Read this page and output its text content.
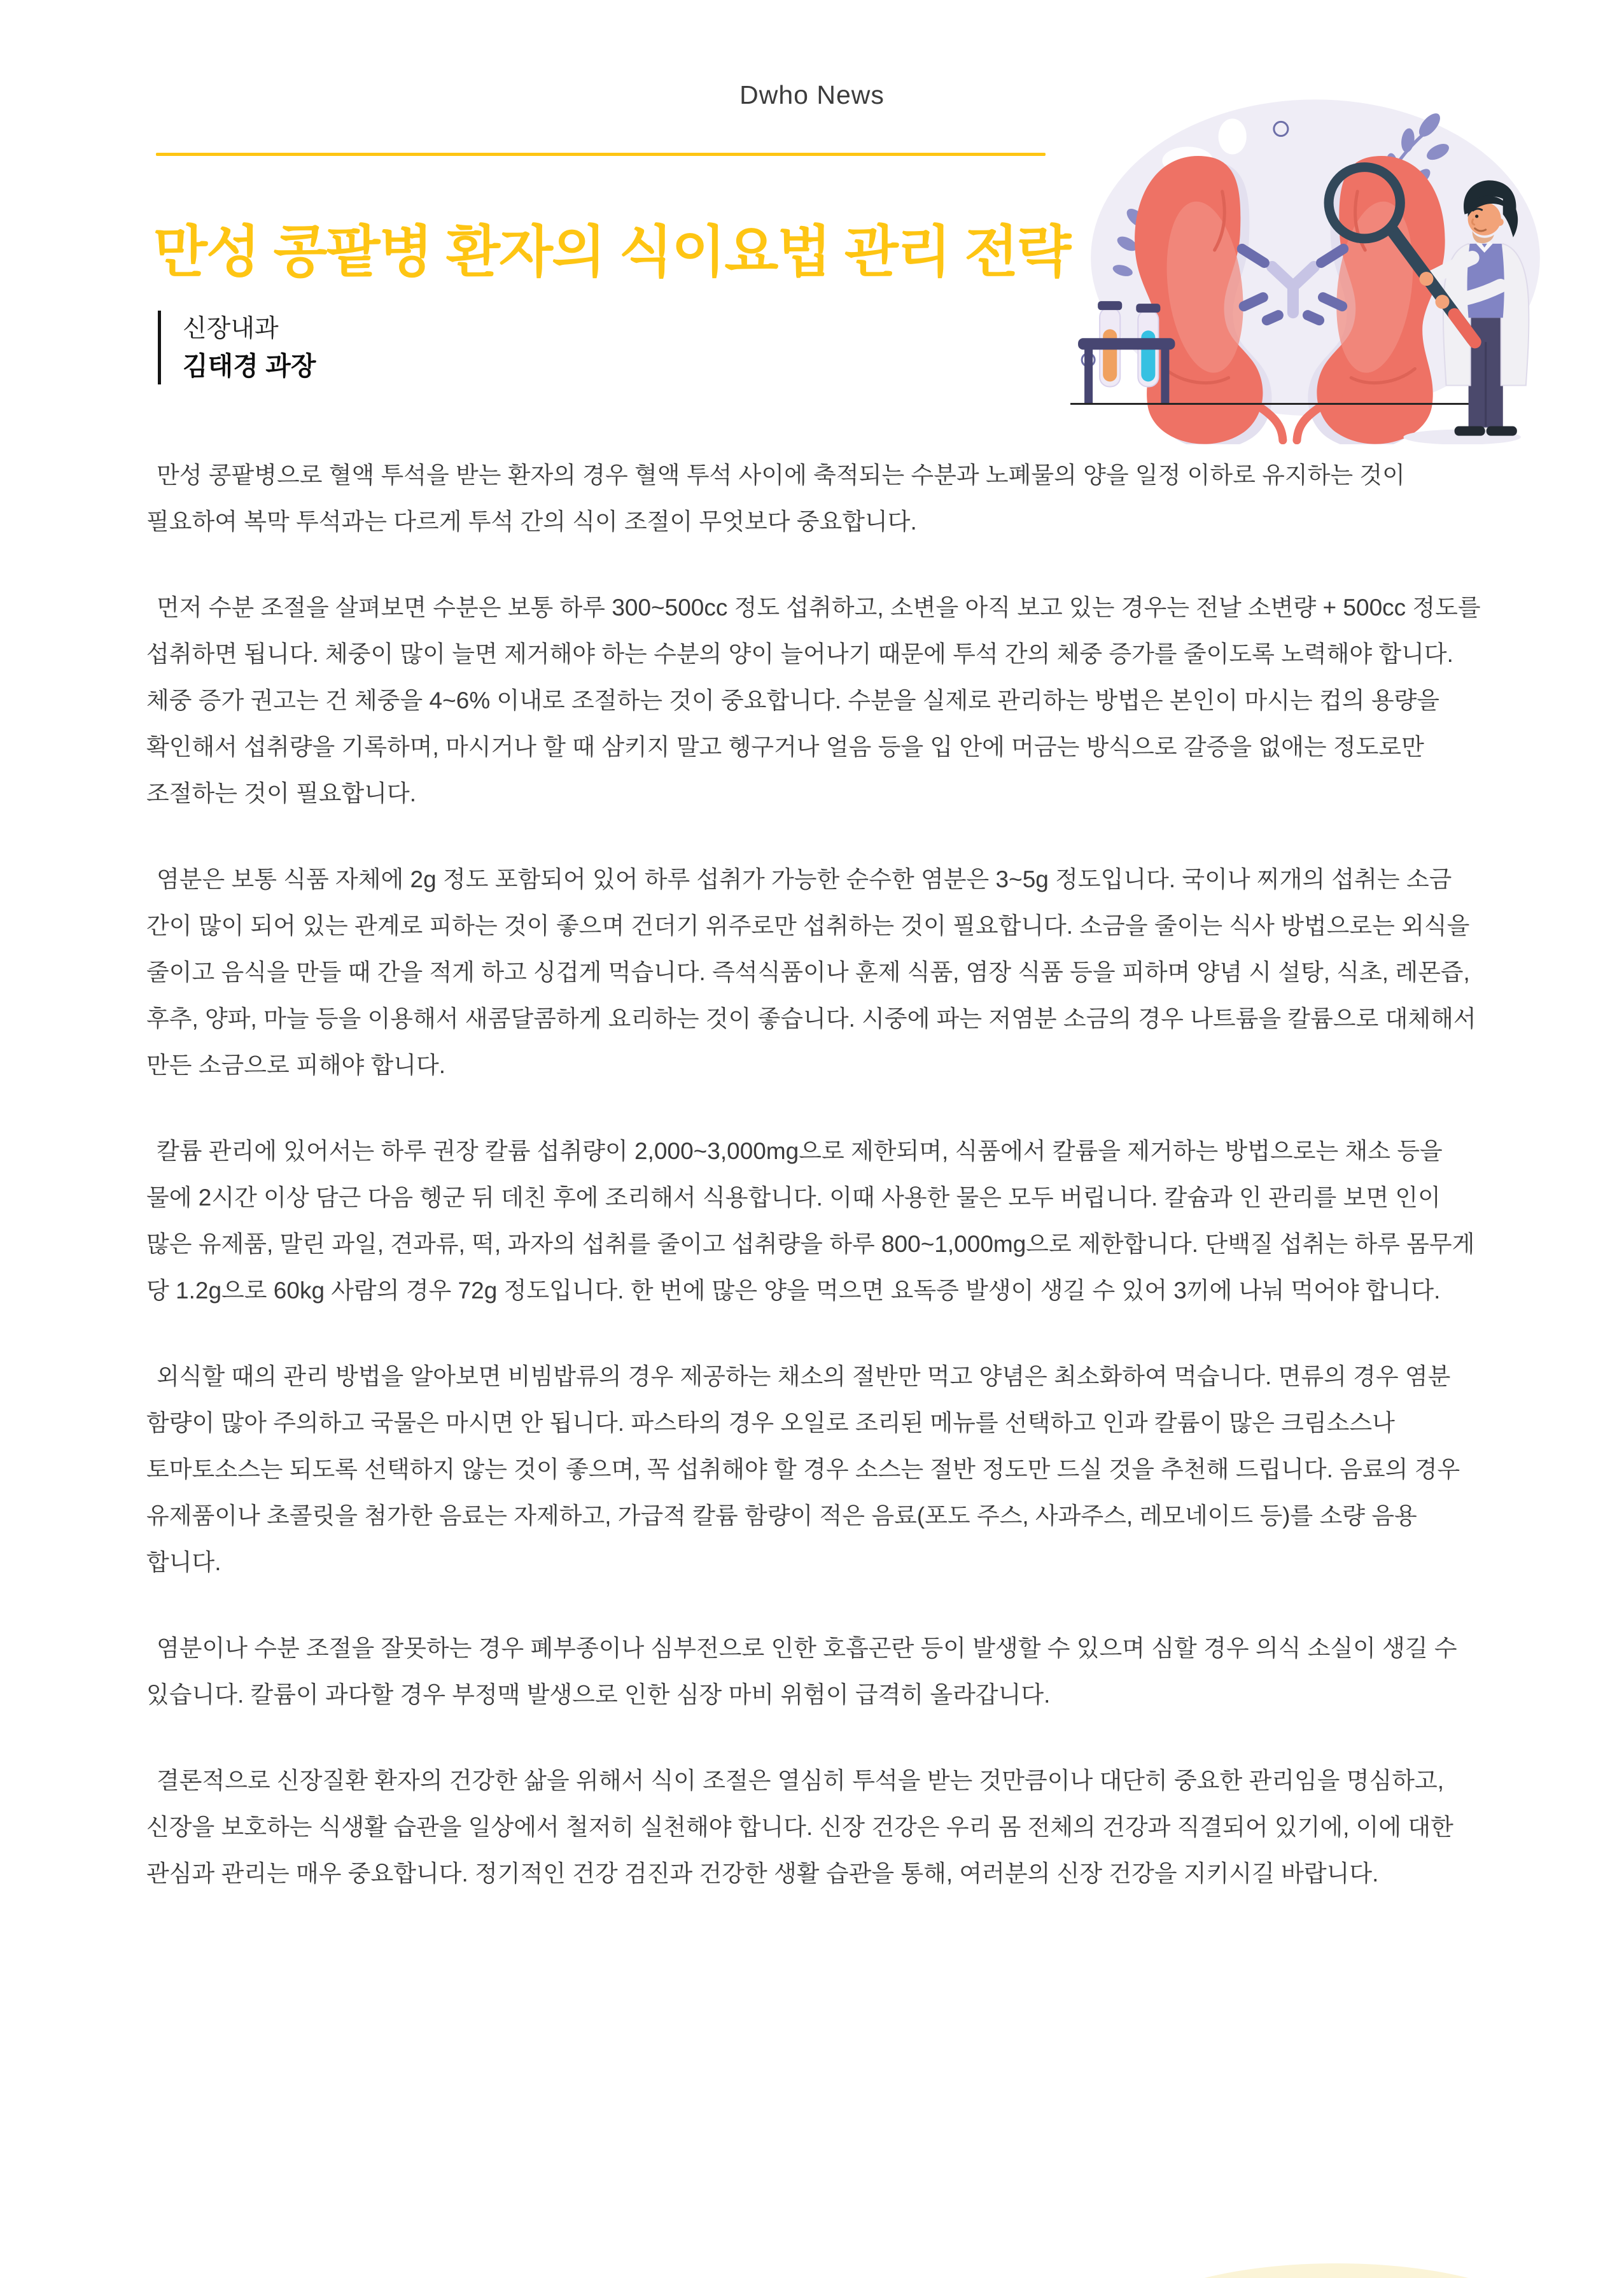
Dwho News
만성 콩팥병 환자의 식이요법 관리 전략
신장내과
김태경 과장

만성 콩팥병으로 혈액 투석을 받는 환자의 경우 혈액 투석 사이에 축적되는 수분과 노폐물의 양을 일정 이하로 유지하는 것이 필요하여 복막 투석과는 다르게 투석 간의 식이 조절이 무엇보다 중요합니다.

먼저 수분 조절을 살펴보면 수분은 보통 하루 300~500cc 정도 섭취하고, 소변을 아직 보고 있는 경우는 전날 소변량 + 500cc 정도를 섭취하면 됩니다. 체중이 많이 늘면 제거해야 하는 수분의 양이 늘어나기 때문에 투석 간의 체중 증가를 줄이도록 노력해야 합니다. 체중 증가 권고는 건 체중을 4~6% 이내로 조절하는 것이 중요합니다. 수분을 실제로 관리하는 방법은 본인이 마시는 컵의 용량을 확인해서 섭취량을 기록하며, 마시거나 할 때 삼키지 말고 헹구거나 얼음 등을 입 안에 머금는 방식으로 갈증을 없애는 정도로만 조절하는 것이 필요합니다.

염분은 보통 식품 자체에 2g 정도 포함되어 있어 하루 섭취가 가능한 순수한 염분은 3~5g 정도입니다. 국이나 찌개의 섭취는 소금 간이 많이 되어 있는 관계로 피하는 것이 좋으며 건더기 위주로만 섭취하는 것이 필요합니다. 소금을 줄이는 식사 방법으로는 외식을 줄이고 음식을 만들 때 간을 적게 하고 싱겁게 먹습니다. 즉석식품이나 훈제 식품, 염장 식품 등을 피하며 양념 시 설탕, 식초, 레몬즙, 후추, 양파, 마늘 등을 이용해서 새콤달콤하게 요리하는 것이 좋습니다. 시중에 파는 저염분 소금의 경우 나트륨을 칼륨으로 대체해서 만든 소금으로 피해야 합니다.

칼륨 관리에 있어서는 하루 권장 칼륨 섭취량이 2,000~3,000mg으로 제한되며, 식품에서 칼륨을 제거하는 방법으로는 채소 등을 물에 2시간 이상 담근 다음 헹군 뒤 데친 후에 조리해서 식용합니다. 이때 사용한 물은 모두 버립니다. 칼슘과 인 관리를 보면 인이 많은 유제품, 말린 과일, 견과류, 떡, 과자의 섭취를 줄이고 섭취량을 하루 800~1,000mg으로 제한합니다. 단백질 섭취는 하루 몸무게 당 1.2g으로 60kg 사람의 경우 72g 정도입니다. 한 번에 많은 양을 먹으면 요독증 발생이 생길 수 있어 3끼에 나눠 먹어야 합니다.

외식할 때의 관리 방법을 알아보면 비빔밥류의 경우 제공하는 채소의 절반만 먹고 양념은 최소화하여 먹습니다. 면류의 경우 염분 함량이 많아 주의하고 국물은 마시면 안 됩니다. 파스타의 경우 오일로 조리된 메뉴를 선택하고 인과 칼륨이 많은 크림소스나 토마토소스는 되도록 선택하지 않는 것이 좋으며, 꼭 섭취해야 할 경우 소스는 절반 정도만 드실 것을 추천해 드립니다. 음료의 경우 유제품이나 초콜릿을 첨가한 음료는 자제하고, 가급적 칼륨 함량이 적은 음료(포도 주스, 사과주스, 레모네이드 등)를 소량 음용 합니다.

염분이나 수분 조절을 잘못하는 경우 폐부종이나 심부전으로 인한 호흡곤란 등이 발생할 수 있으며 심할 경우 의식 소실이 생길 수 있습니다. 칼륨이 과다할 경우 부정맥 발생으로 인한 심장 마비 위험이 급격히 올라갑니다.

결론적으로 신장질환 환자의 건강한 삶을 위해서 식이 조절은 열심히 투석을 받는 것만큼이나 대단히 중요한 관리임을 명심하고, 신장을 보호하는 식생활 습관을 일상에서 철저히 실천해야 합니다. 신장 건강은 우리 몸 전체의 건강과 직결되어 있기에, 이에 대한 관심과 관리는 매우 중요합니다. 정기적인 건강 검진과 건강한 생활 습관을 통해, 여러분의 신장 건강을 지키시길 바랍니다.
